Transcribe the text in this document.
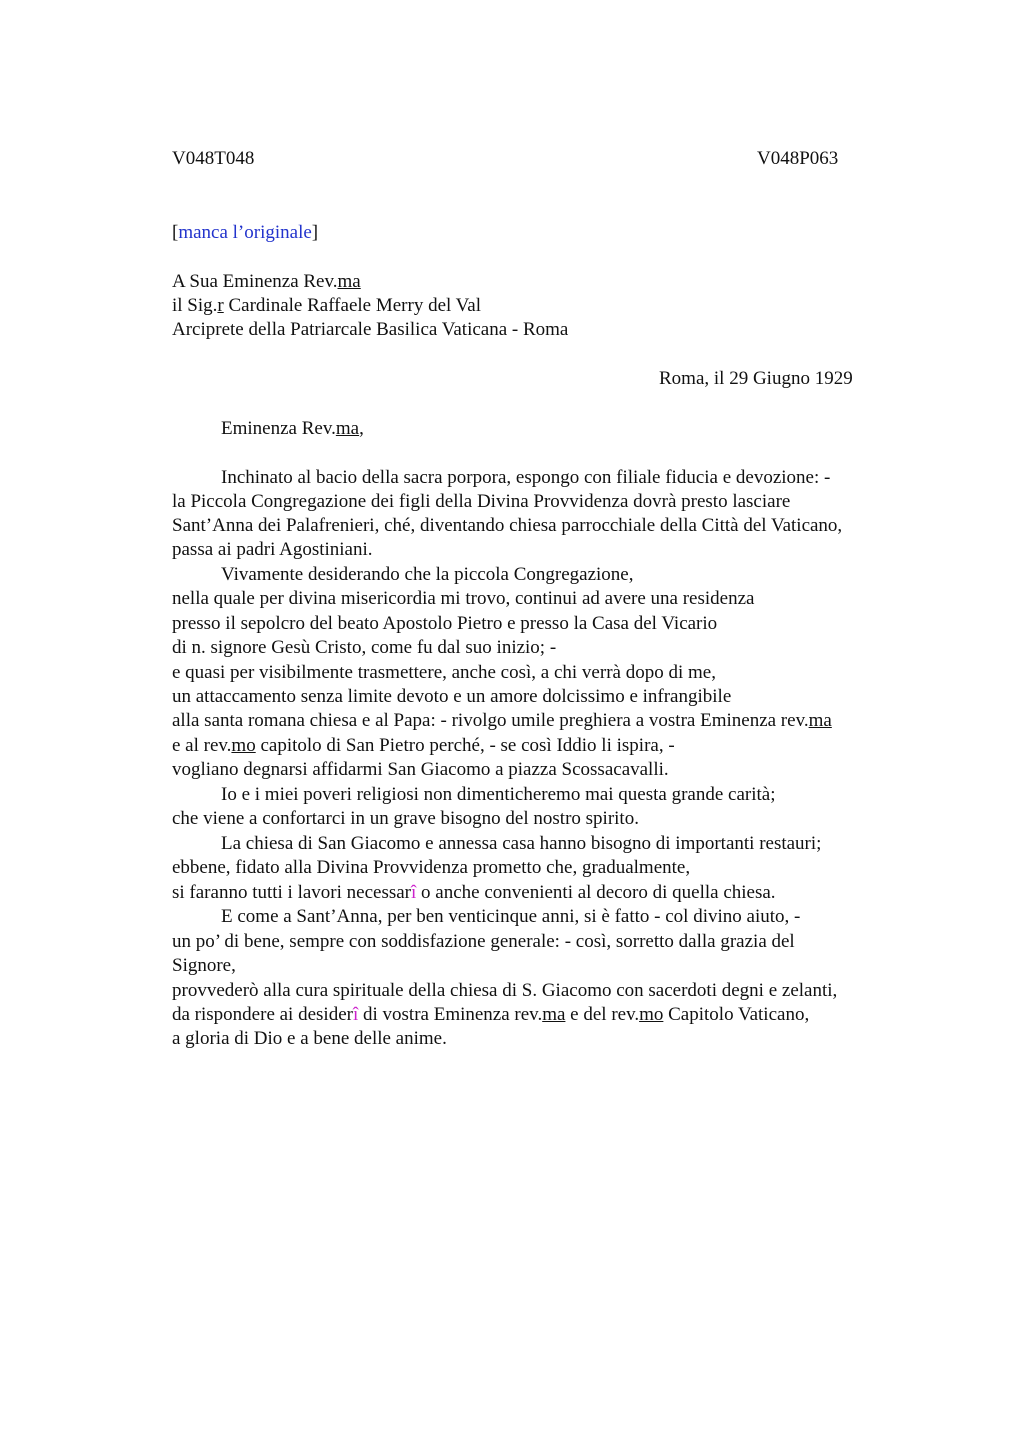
V048T048	V048P063
[manca l’originale]
A Sua Eminenza Rev.ma
il Sig.r Cardinale Raffaele Merry del Val
Arciprete della Patriarcale Basilica Vaticana - Roma
Roma, il 29 Giugno 1929
Eminenza Rev.ma,
Inchinato al bacio della sacra porpora, espongo con filiale fiducia e devozione: -
la Piccola Congregazione dei figli della Divina Provvidenza dovrà presto lasciare
Sant’Anna dei Palafrenieri, ché, diventando chiesa parrocchiale della Città del Vaticano,
passa ai padri Agostiniani.
Vivamente desiderando che la piccola Congregazione,
nella quale per divina misericordia mi trovo, continui ad avere una residenza
presso il sepolcro del beato Apostolo Pietro e presso la Casa del Vicario
di n. signore Gesù Cristo, come fu dal suo inizio; -
e quasi per visibilmente trasmettere, anche così, a chi verrà dopo di me,
un attaccamento senza limite devoto e un amore dolcissimo e infrangibile
alla santa romana chiesa e al Papa: - rivolgo umile preghiera a vostra Eminenza rev.ma
e al rev.mo capitolo di San Pietro perché, - se così Iddio li ispira, -
vogliano degnarsi affidarmi San Giacomo a piazza Scossacavalli.
Io e i miei poveri religiosi non dimenticheremo mai questa grande carità;
che viene a confortarci in un grave bisogno del nostro spirito.
La chiesa di San Giacomo e annessa casa hanno bisogno di importanti restauri;
ebbene, fidato alla Divina Provvidenza prometto che, gradualmente,
si faranno tutti i lavori necessarî o anche convenienti al decoro di quella chiesa.
E come a Sant’Anna, per ben venticinque anni, si è fatto - col divino aiuto, -
un po’ di bene, sempre con soddisfazione generale: - così, sorretto dalla grazia del
Signore,
provvederò alla cura spirituale della chiesa di S. Giacomo con sacerdoti degni e zelanti,
da rispondere ai desiderî di vostra Eminenza rev.ma e del rev.mo Capitolo Vaticano,
a gloria di Dio e a bene delle anime.
